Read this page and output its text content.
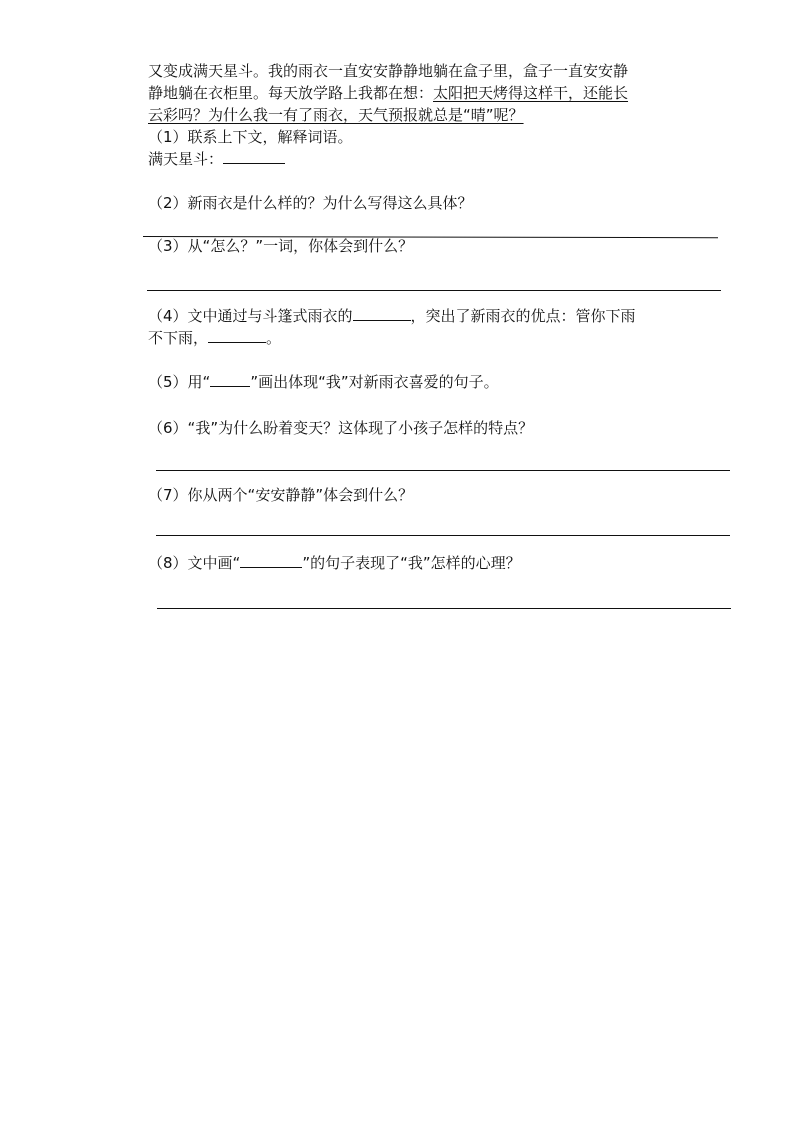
又变成满天星斗。我的雨衣一直安安静静地躺在盒子里，盒子一直安安静
静地躺在衣柜里。每天放学路上我都在想：太阳把天烤得这样干，还能长
云彩吗？为什么我一有了雨衣，天气预报就总是“晴”呢？
（1）联系上下文，解释词语。
满天星斗：
（2）新雨衣是什么样的？为什么写得这么具体？
（3）从“怎么？”一词，你体会到什么？
（4）文中通过与斗篷式雨衣的	，突出了新雨衣的优点：管你下雨
不下雨，	。
（5）用“	”画出体现“我”对新雨衣喜爱的句子。
（6）“我”为什么盼着变天？这体现了小孩子怎样的特点？
（7）你从两个“安安静静”体会到什么？
（8）文中画“	”的句子表现了“我”怎样的心理？
